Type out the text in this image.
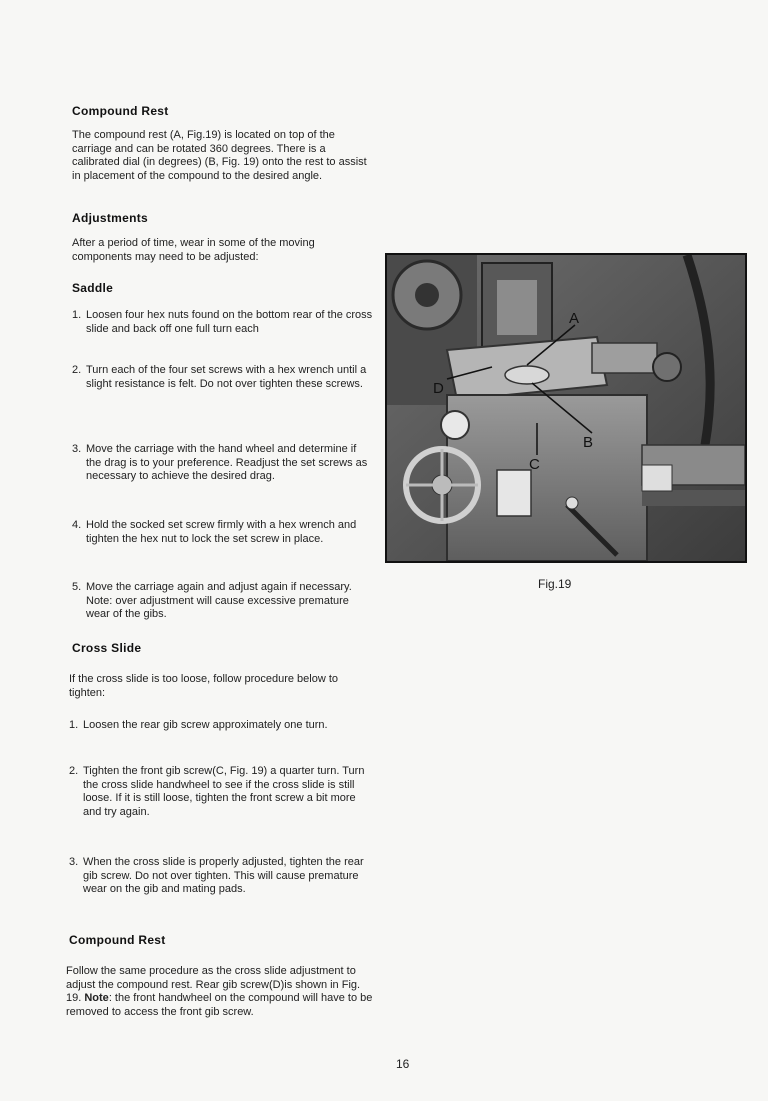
Compound Rest

The compound rest (A, Fig.19) is located on top of the carriage and can be rotated 360 degrees. There is a calibrated dial (in degrees) (B, Fig. 19) onto the rest to assist in placement of the compound to the desired angle.

Adjustments

After a period of time, wear in some of the moving components may need to be adjusted:

Saddle
1. Loosen four hex nuts found on the bottom rear of the cross slide and back off one full turn each
2. Turn each of the four set screws with a hex wrench until a slight resistance is felt. Do not over tighten these screws.
3. Move the carriage with the hand wheel and determine if the drag is to your preference. Readjust the set screws as necessary to achieve the desired drag.
4. Hold the socked set screw firmly with a hex wrench and tighten the hex nut to lock the set screw in place.
5. Move the carriage again and adjust again if necessary. Note: over adjustment will cause excessive premature wear of the gibs.
Cross Slide

If the cross slide is too loose, follow procedure below to tighten:

1. Loosen the rear gib screw approximately one turn.
2. Tighten the front gib screw(C, Fig. 19) a quarter turn. Turn the cross slide handwheel to see if the cross slide is still loose. If it is still loose, tighten the front screw a bit more and try again.
3. When the cross slide is properly adjusted, tighten the rear gib screw. Do not over tighten. This will cause premature wear on the gib and mating pads.
Compound Rest

Follow the same procedure as the cross slide adjustment to adjust the compound rest. Rear gib screw(D)is shown in Fig. 19. Note: the front handwheel on the compound will have to be removed to access the front gib screw.

A
B
C
D
Fig.19
16
